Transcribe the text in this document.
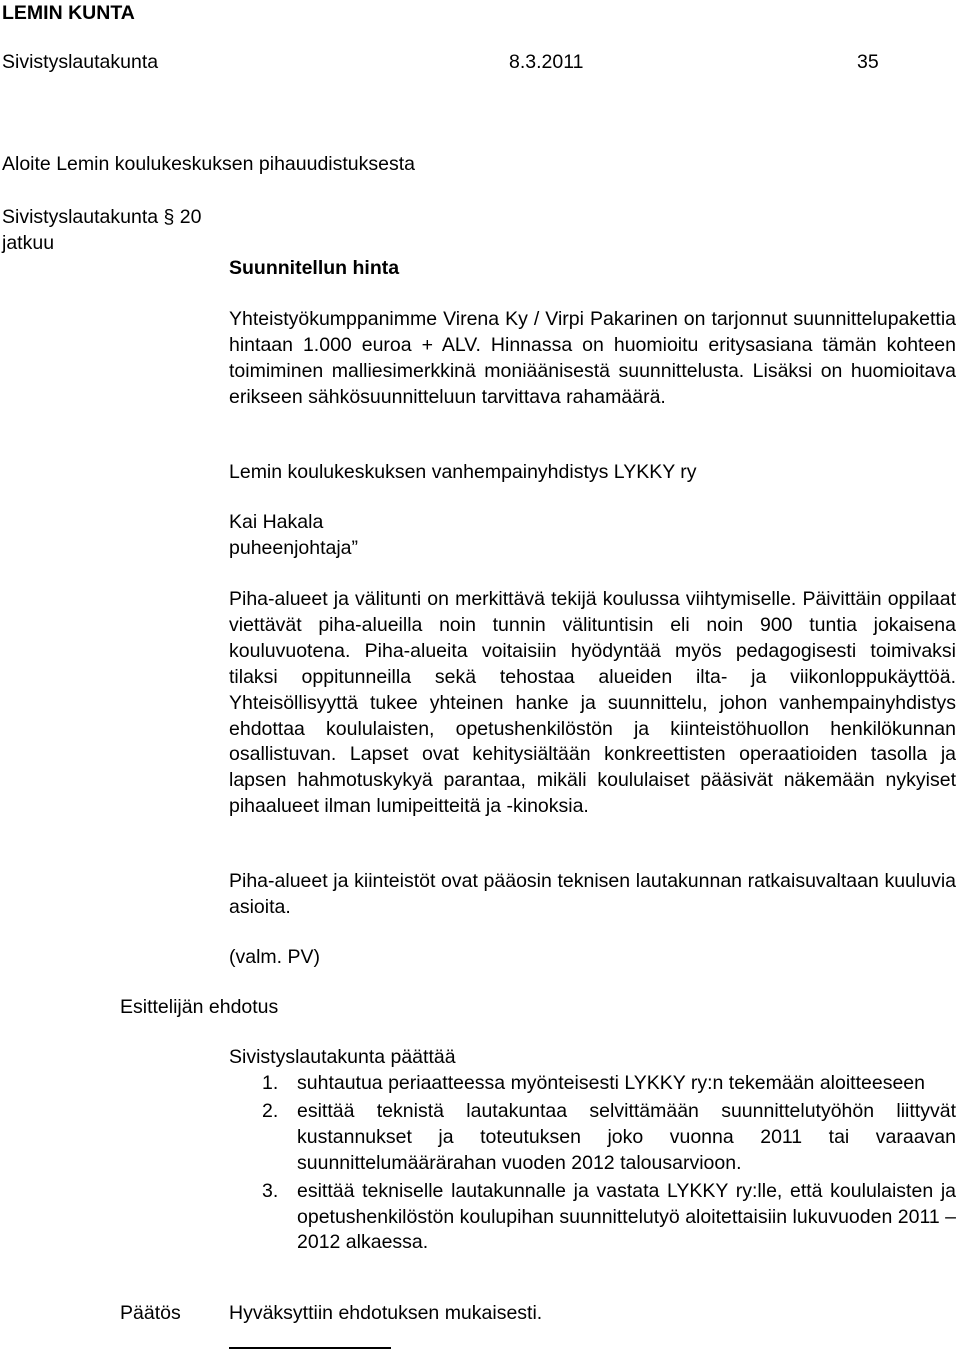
LEMIN KUNTA
Sivistyslautakunta	8.3.2011	35
Aloite Lemin koulukeskuksen pihauudistuksesta
Sivistyslautakunta § 20
jatkuu
Suunnitellun hinta
Yhteistyökumppanimme Virena Ky / Virpi Pakarinen on tarjonnut suunnittelupakettia hintaan 1.000 euroa + ALV. Hinnassa on huomioitu eritysasiana tämän kohteen toimiminen malliesimerkkinä moniäänisestä suunnittelusta. Lisäksi on huomioitava erikseen sähkösuunnitteluun tarvittava rahamäärä.
Lemin koulukeskuksen vanhempainyhdistys LYKKY ry
Kai Hakala
puheenjohtaja”
Piha-alueet ja välitunti on merkittävä tekijä koulussa viihtymiselle. Päivittäin oppilaat viettävät piha-alueilla noin tunnin välituntisin eli noin 900 tuntia jokaisena kouluvuotena. Piha-alueita voitaisiin hyödyntää myös pedagogisesti toimivaksi tilaksi oppitunneilla sekä tehostaa alueiden ilta- ja viikonloppukäyttöä. Yhteisöllisyyttä tukee yhteinen hanke ja suunnittelu, johon vanhempainyhdistys ehdottaa koululaisten, opetushenkilöstön ja kiinteistöhuollon henkilökunnan osallistuvan. Lapset ovat kehitysiältään konkreettisten operaatioiden tasolla ja lapsen hahmotuskykyä parantaa, mikäli koululaiset pääsivät näkemään nykyiset pihaalueet ilman lumipeitteitä ja -kinoksia.
Piha-alueet ja kiinteistöt ovat pääosin teknisen lautakunnan ratkaisuvaltaan kuuluvia asioita.
(valm. PV)
Esittelijän ehdotus
Sivistyslautakunta päättää
1. suhtautua periaatteessa myönteisesti LYKKY ry:n tekemään aloitteeseen
2. esittää teknistä lautakuntaa selvittämään suunnittelutyöhön liittyvät kustannukset ja toteutuksen joko vuonna 2011 tai varaavan suunnittelumäärärahan vuoden 2012 talousarvioon.
3. esittää tekniselle lautakunnalle ja vastata LYKKY ry:lle, että koululaisten ja opetushenkilöstön koulupihan suunnittelutyö aloitettaisiin lukuvuoden 2011 – 2012 alkaessa.
Päätös Hyväksyttiin ehdotuksen mukaisesti.
